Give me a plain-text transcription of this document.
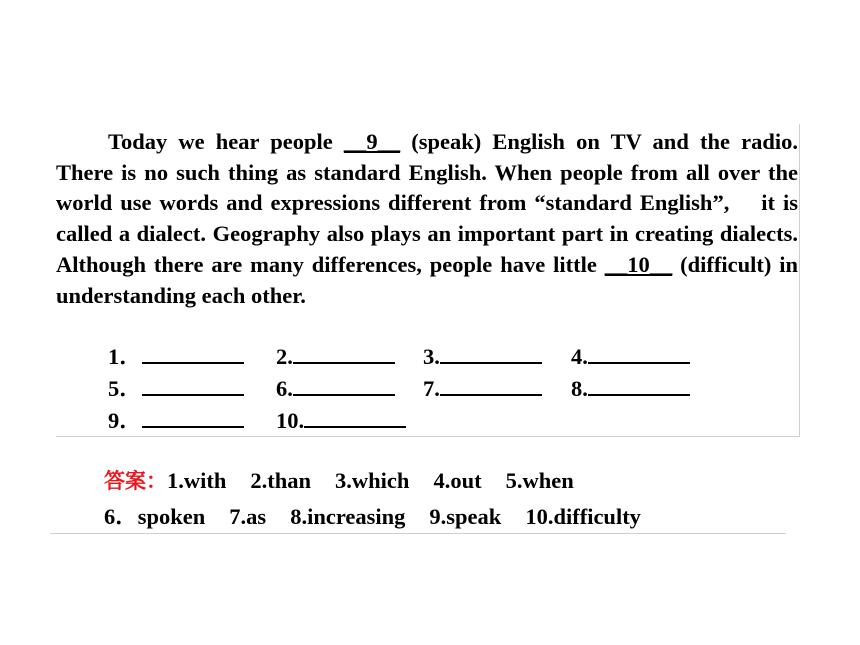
Today we hear people __9__ (speak) English on TV and the radio. There is no such thing as standard English. When people from all over the world use words and expressions different from “standard English”,    it is called a dialect. Geography also plays an important part in creating dialects. Although there are many differences, people have little __10__ (difficult) in understanding each other.

1．	2.	3.	4.
5．	6.	7.	8.
9．	10.
答案：1.with 2.than 3.which 4.out 5.when
6．spoken 7.as 8.increasing 9.speak 10.difficulty
